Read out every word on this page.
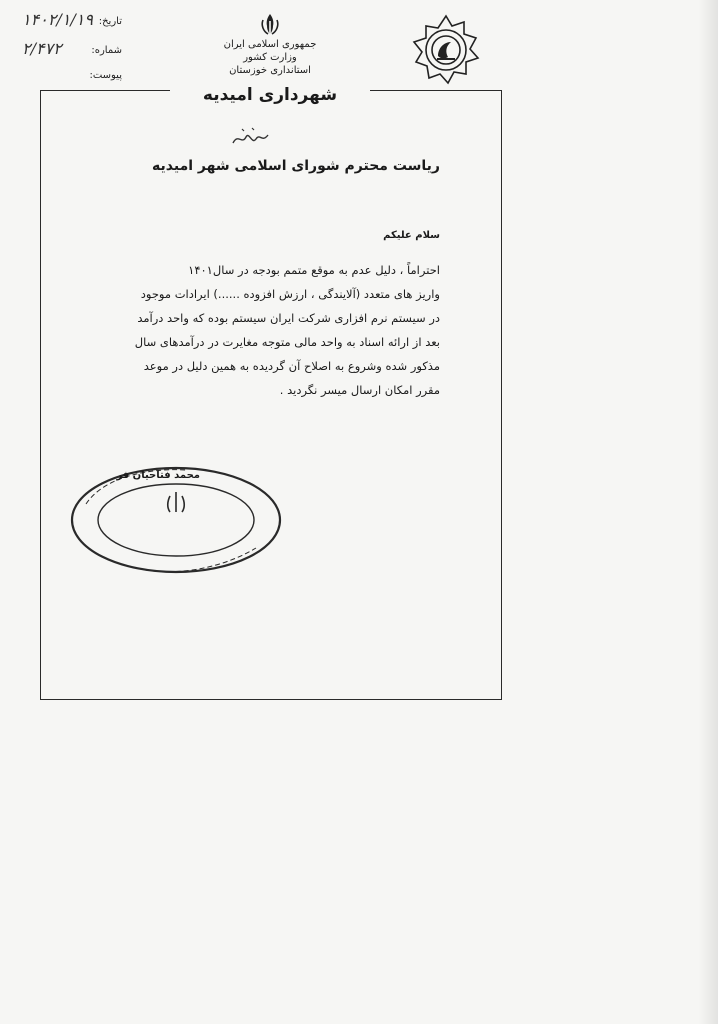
۱۴۰۲/۱/۱۹ تاریخ:
۲/۴۷۲	شماره:
پیوست:
جمهوری اسلامی ایران
وزارت کشور
استانداری خوزستان
شهرداری امیدیه
ریاست محترم شورای اسلامی شهر امیدیه
سلام علیکم
احتراماً ، دلیل عدم به موقع متمم بودجه در سال۱۴۰۱
واریز های متعدد (آلایندگی ، ارزش افزوده ......) ایرادات موجود
در سیستم نرم افزاری شرکت ایران سیستم بوده که واحد درآمد
بعد از ارائه اسناد به واحد مالی متوجه مغایرت در درآمدهای سال
مذکور شده وشروع به اصلاح آن گردیده به همین دلیل در موعد
مقرر امکان ارسال میسر نگردید .
محمد فتاحیان فر
